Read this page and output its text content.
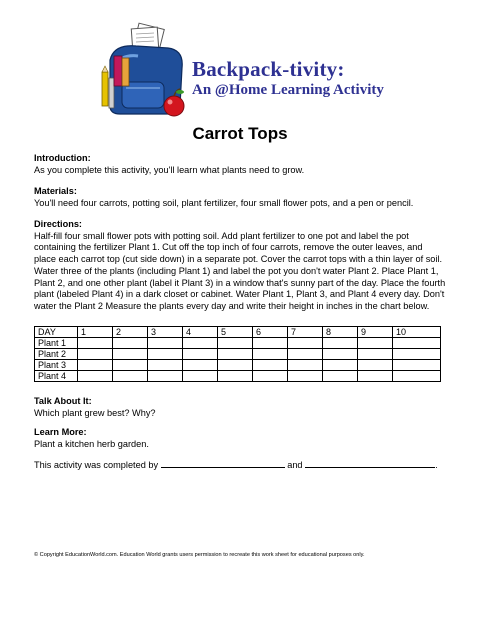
Backpack-tivity:
An @Home Learning Activity
Carrot Tops
Introduction:
As you complete this activity, you'll learn what plants need to grow.
Materials:
You'll need four carrots, potting soil, plant fertilizer, four small flower pots, and a pen or pencil.
Directions:
Half-fill four small flower pots with potting soil. Add plant fertilizer to one pot and label the pot containing the fertilizer Plant 1. Cut off the top inch of four carrots, remove the outer leaves, and place each carrot top (cut side down) in a separate pot. Cover the carrot tops with a thin layer of soil. Water three of the plants (including Plant 1) and label the pot you don't water Plant 2. Place Plant 1, Plant 2, and one other plant (label it Plant 3) in a window that's sunny part of the day. Place the fourth plant (labeled Plant 4) in a dark closet or cabinet. Water Plant 1, Plant 3, and Plant 4 every day. Don't water the Plant 2 Measure the plants every day and write their height in inches in the chart below.
DAY	1	2	3	4	5	6	7	8	9	10
Plant 1										
Plant 2										
Plant 3										
Plant 4										
Talk About It:
Which plant grew best? Why?
Learn More:
Plant a kitchen herb garden.
This activity was completed by	and	.
© Copyright EducationWorld.com. Education World grants users permission to recreate this work sheet for educational purposes only.
